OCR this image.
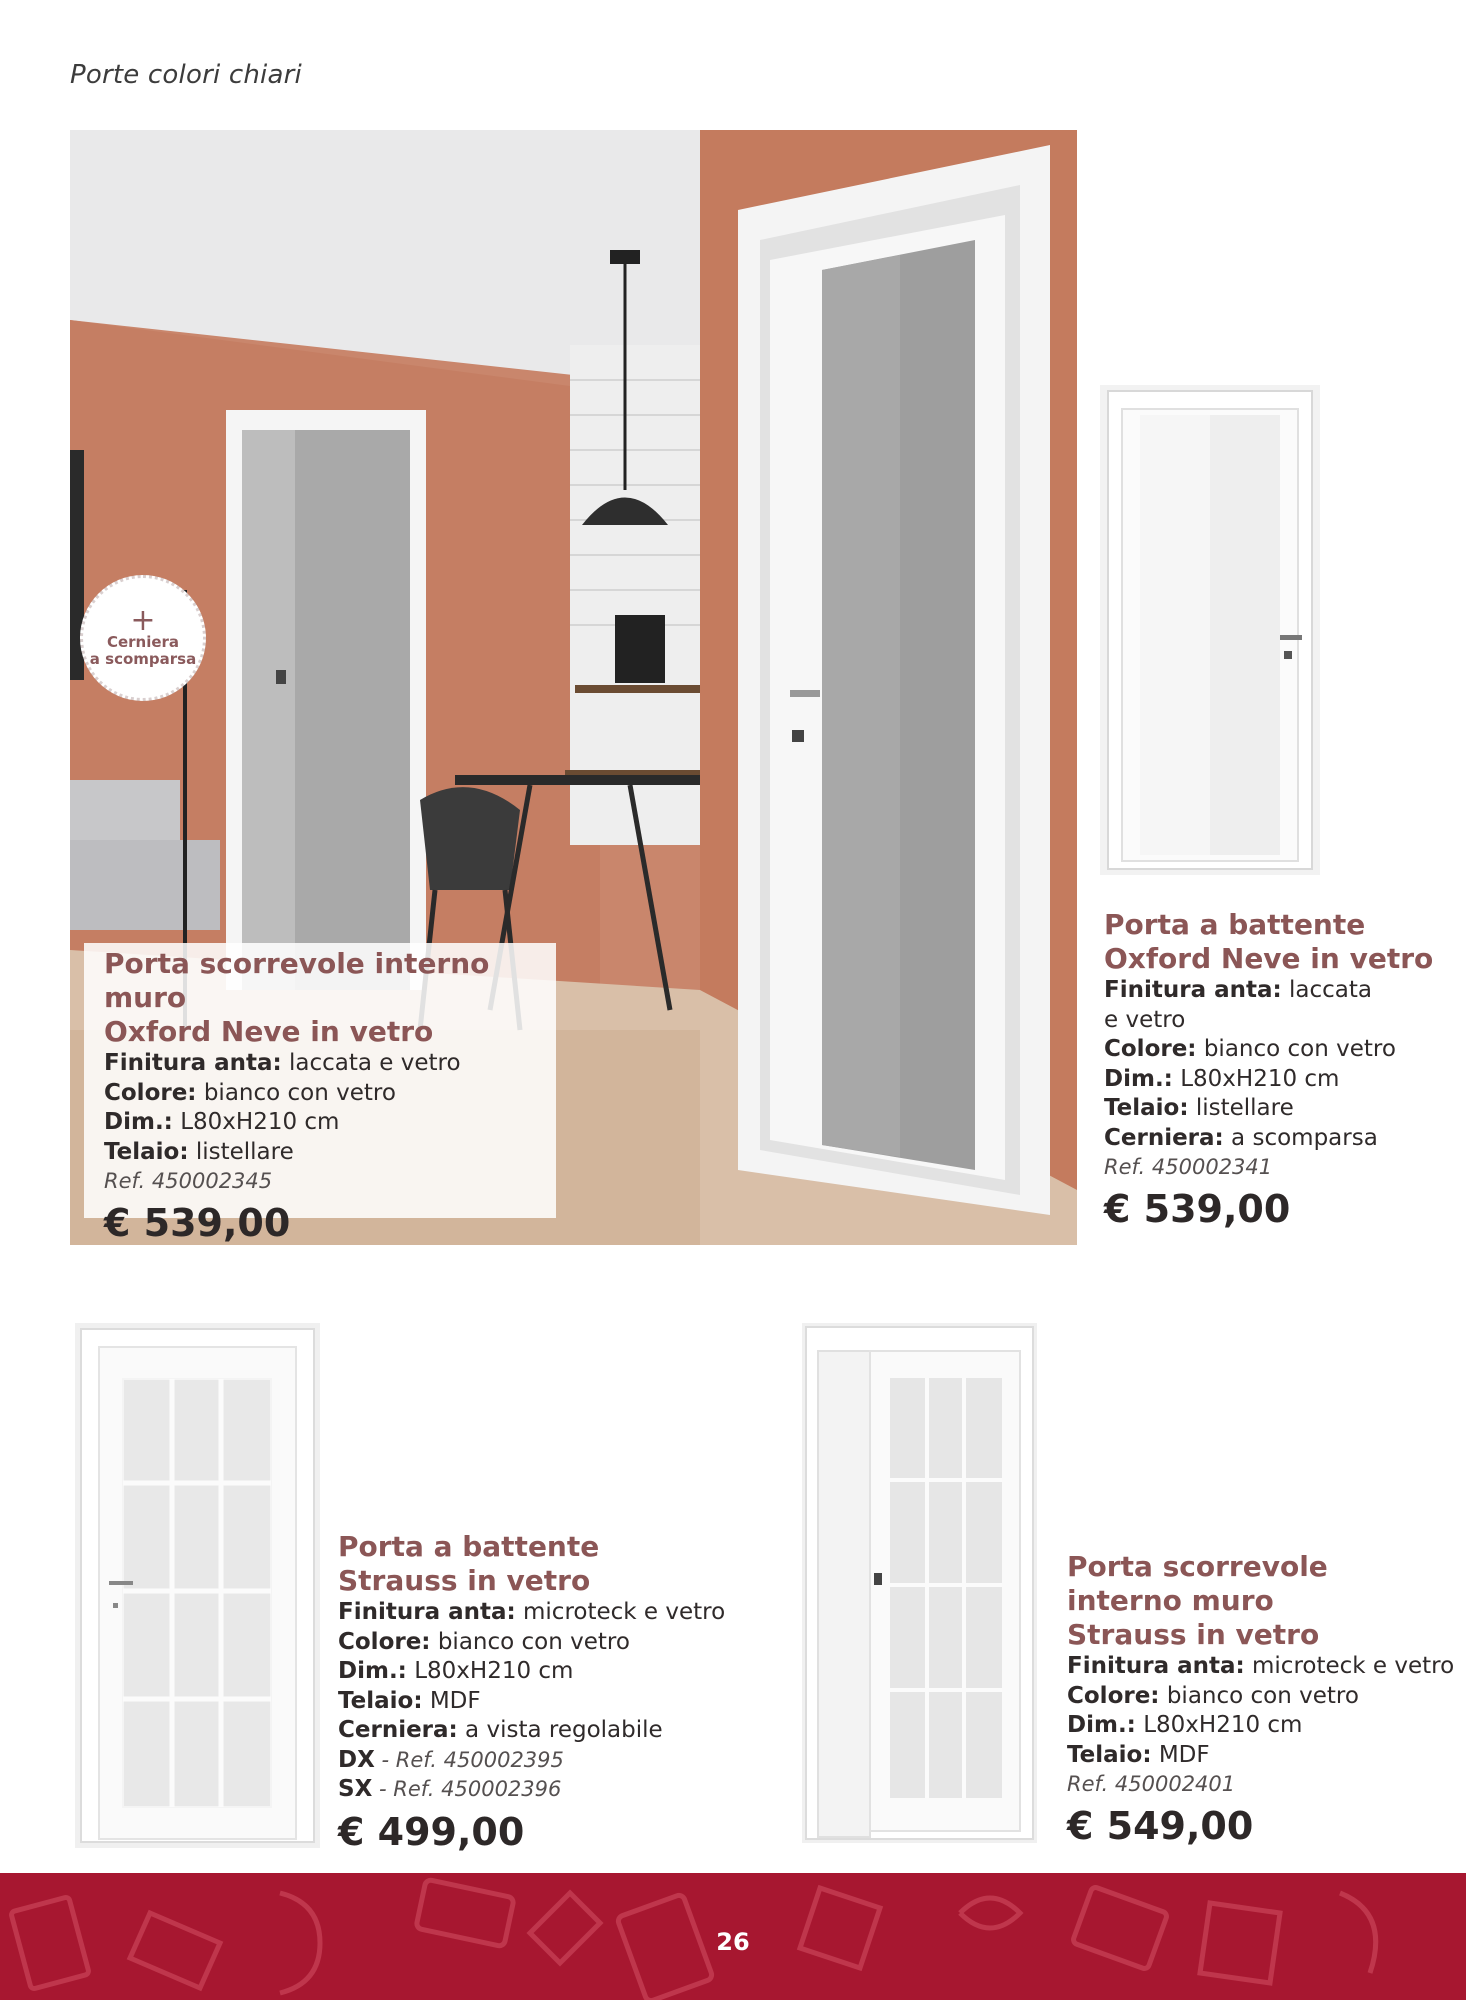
Porte colori chiari
+
Cerniera
a scomparsa
Porta scorrevole interno muro
Oxford Neve in vetro
Finitura anta: laccata e vetro
Colore: bianco con vetro
Dim.: L80xH210 cm
Telaio: listellare
Ref. 450002345
€ 539,00
Porta a battente
Oxford Neve in vetro
Finitura anta: laccata
e vetro
Colore: bianco con vetro
Dim.: L80xH210 cm
Telaio: listellare
Cerniera: a scomparsa
Ref. 450002341
€ 539,00
Porta a battente
Strauss in vetro
Finitura anta: microteck e vetro
Colore: bianco con vetro
Dim.: L80xH210 cm
Telaio: MDF
Cerniera: a vista regolabile
DX - Ref. 450002395
SX - Ref. 450002396
€ 499,00
Porta scorrevole
interno muro
Strauss in vetro
Finitura anta: microteck e vetro
Colore: bianco con vetro
Dim.: L80xH210 cm
Telaio: MDF
Ref. 450002401
€ 549,00
26
